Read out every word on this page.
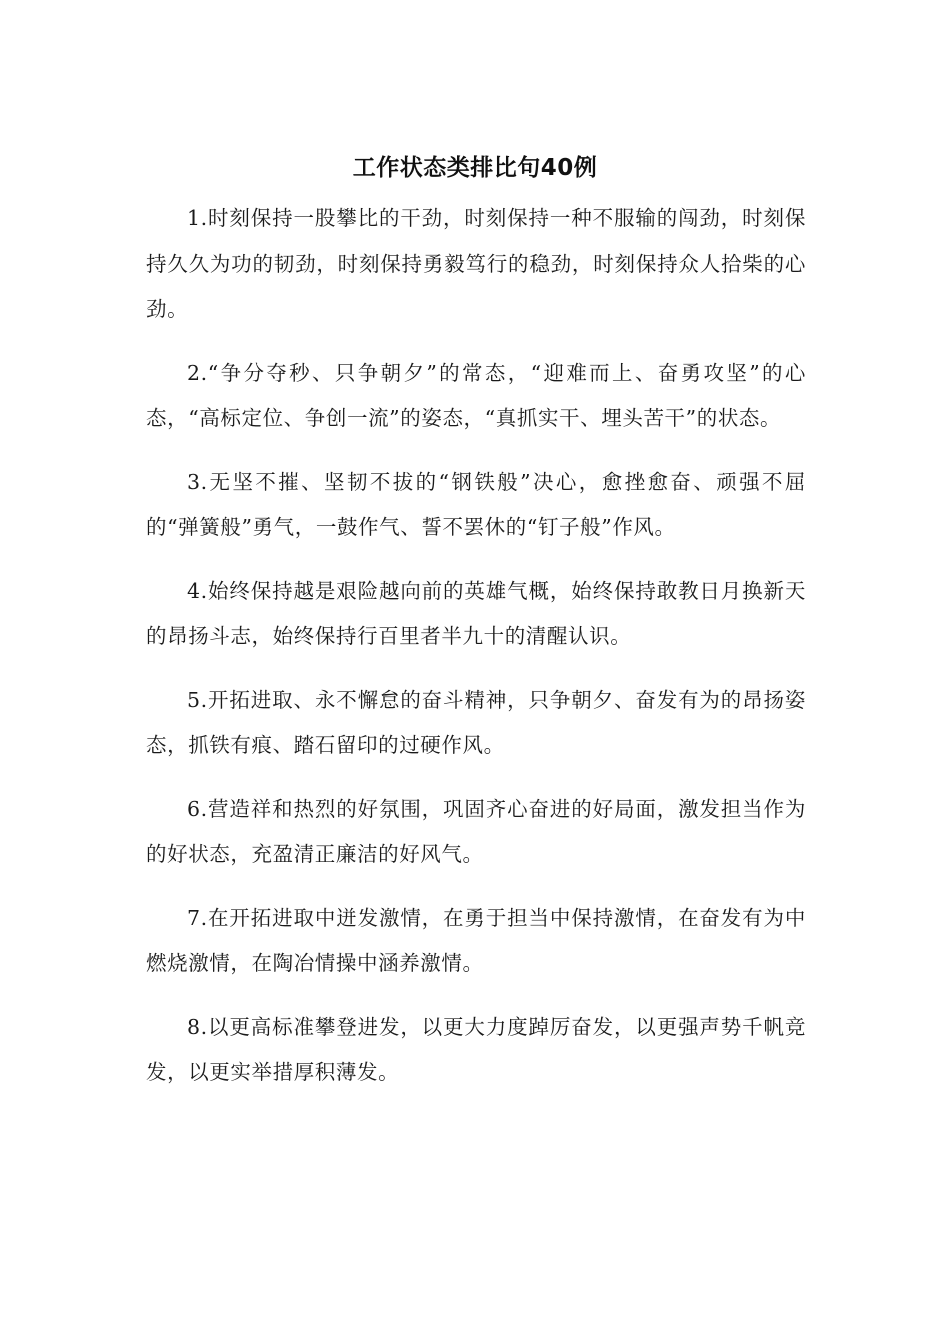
工作状态类排比句40例

1.时刻保持一股攀比的干劲，时刻保持一种不服输的闯劲，时刻保持久久为功的韧劲，时刻保持勇毅笃行的稳劲，时刻保持众人拾柴的心劲。

2.“争分夺秒、只争朝夕”的常态，“迎难而上、奋勇攻坚”的心态，“高标定位、争创一流”的姿态，“真抓实干、埋头苦干”的状态。

3.无坚不摧、坚韧不拔的“钢铁般”决心，愈挫愈奋、顽强不屈的“弹簧般”勇气，一鼓作气、誓不罢休的“钉子般”作风。

4.始终保持越是艰险越向前的英雄气概，始终保持敢教日月换新天的昂扬斗志，始终保持行百里者半九十的清醒认识。

5.开拓进取、永不懈怠的奋斗精神，只争朝夕、奋发有为的昂扬姿态，抓铁有痕、踏石留印的过硬作风。

6.营造祥和热烈的好氛围，巩固齐心奋进的好局面，激发担当作为的好状态，充盈清正廉洁的好风气。

7.在开拓进取中迸发激情，在勇于担当中保持激情，在奋发有为中燃烧激情，在陶冶情操中涵养激情。

8.以更高标准攀登进发，以更大力度踔厉奋发，以更强声势千帆竞发，以更实举措厚积薄发。
